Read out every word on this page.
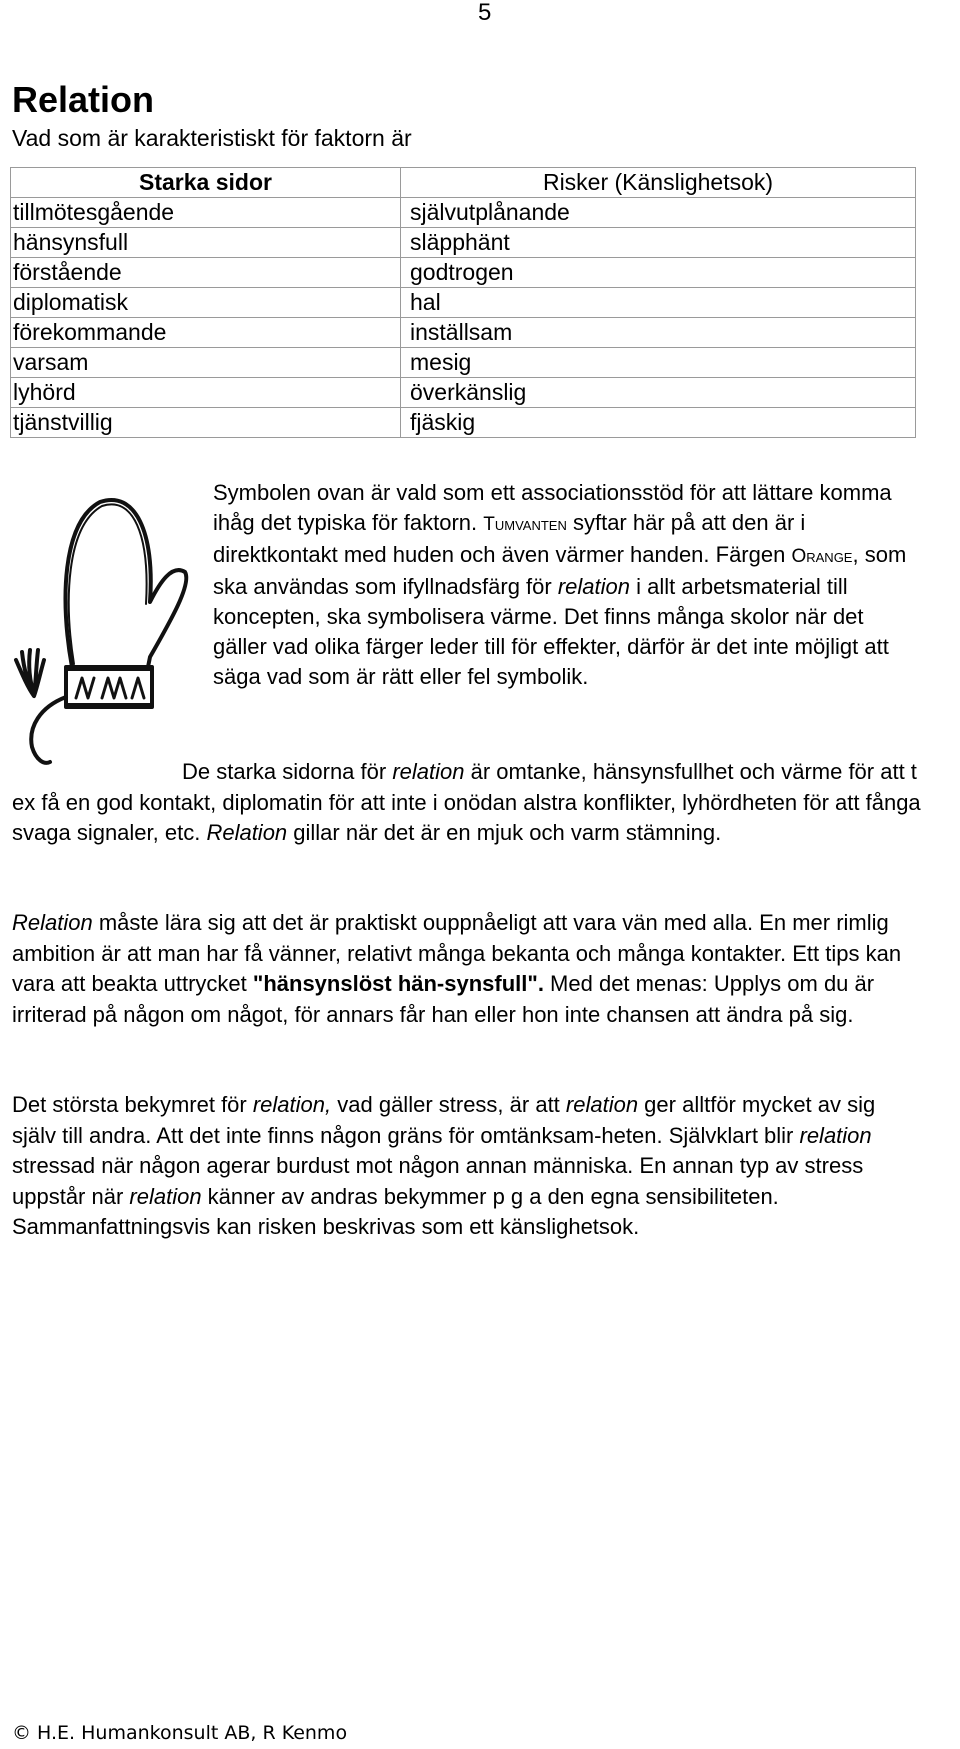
5
Relation
Vad som är karakteristiskt för faktorn är
Starka sidor	Risker (Känslighetsok)
tillmötesgående	självutplånande
hänsynsfull	släpphänt
förstående	godtrogen
diplomatisk	hal
förekommande	inställsam
varsam	mesig
lyhörd	överkänslig
tjänstvillig	fjäskig

Symbolen ovan är vald som ett associationsstöd för att lättare komma ihåg det typiska för faktorn. Tumvanten syftar här på att den är i direktkontakt med huden och även värmer handen. Färgen Orange, som ska användas som ifyllnadsfärg för relation i allt arbetsmaterial till koncepten, ska symbolisera värme. Det finns många skolor när det gäller vad olika färger leder till för effekter, därför är det inte möjligt att säga vad som är rätt eller fel symbolik.

De starka sidorna för relation är omtanke, hänsynsfullhet och värme för att t ex få en god kontakt, diplomatin för att inte i onödan alstra konflikter, lyhördheten för att fånga svaga signaler, etc. Relation gillar när det är en mjuk och varm stämning.

Relation måste lära sig att det är praktiskt ouppnåeligt att vara vän med alla. En mer rimlig ambition är att man har få vänner, relativt många bekanta och många kontakter. Ett tips kan vara att beakta uttrycket "hänsynslöst hän-synsfull". Med det menas: Upplys om du är irriterad på någon om något, för annars får han eller hon inte chansen att ändra på sig.

Det största bekymret för relation, vad gäller stress, är att relation ger alltför mycket av sig själv till andra. Att det inte finns någon gräns för omtänksam-heten. Självklart blir relation stressad när någon agerar burdust mot någon annan människa. En annan typ av stress uppstår när relation känner av andras bekymmer p g a den egna sensibiliteten. Sammanfattningsvis kan risken beskrivas som ett känslighetsok.

© H.E. Humankonsult AB, R Kenmo
